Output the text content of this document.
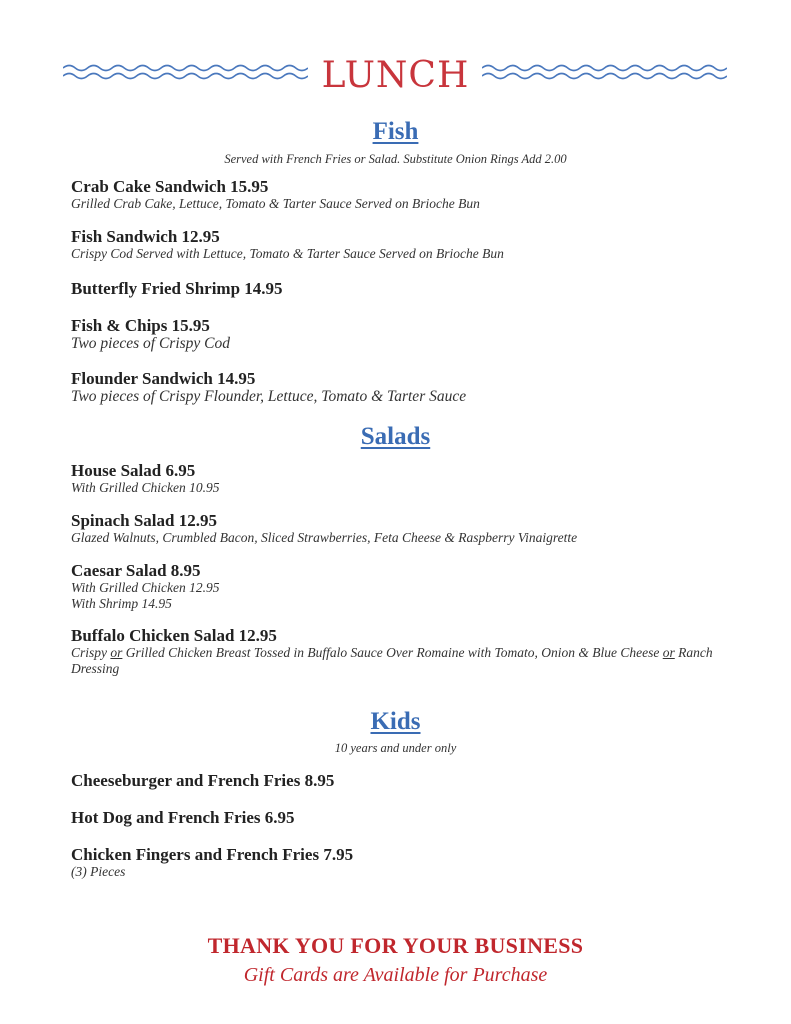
LUNCH
Fish
Served with French Fries or Salad. Substitute Onion Rings Add 2.00
Crab Cake Sandwich 15.95
Grilled Crab Cake, Lettuce, Tomato & Tarter Sauce Served on Brioche Bun
Fish Sandwich 12.95
Crispy Cod Served with Lettuce, Tomato & Tarter Sauce Served on Brioche Bun
Butterfly Fried Shrimp 14.95
Fish & Chips 15.95
Two pieces of Crispy Cod
Flounder Sandwich 14.95
Two pieces of Crispy Flounder, Lettuce, Tomato & Tarter Sauce
Salads
House Salad 6.95
With Grilled Chicken 10.95
Spinach Salad 12.95
Glazed Walnuts, Crumbled Bacon, Sliced Strawberries, Feta Cheese & Raspberry Vinaigrette
Caesar Salad 8.95
With Grilled Chicken 12.95
With Shrimp 14.95
Buffalo Chicken Salad 12.95
Crispy or Grilled Chicken Breast Tossed in Buffalo Sauce Over Romaine with Tomato, Onion & Blue Cheese or Ranch Dressing
Kids
10 years and under only
Cheeseburger and French Fries 8.95
Hot Dog and French Fries 6.95
Chicken Fingers and French Fries 7.95
(3) Pieces
THANK YOU FOR YOUR BUSINESS
Gift Cards are Available for Purchase
